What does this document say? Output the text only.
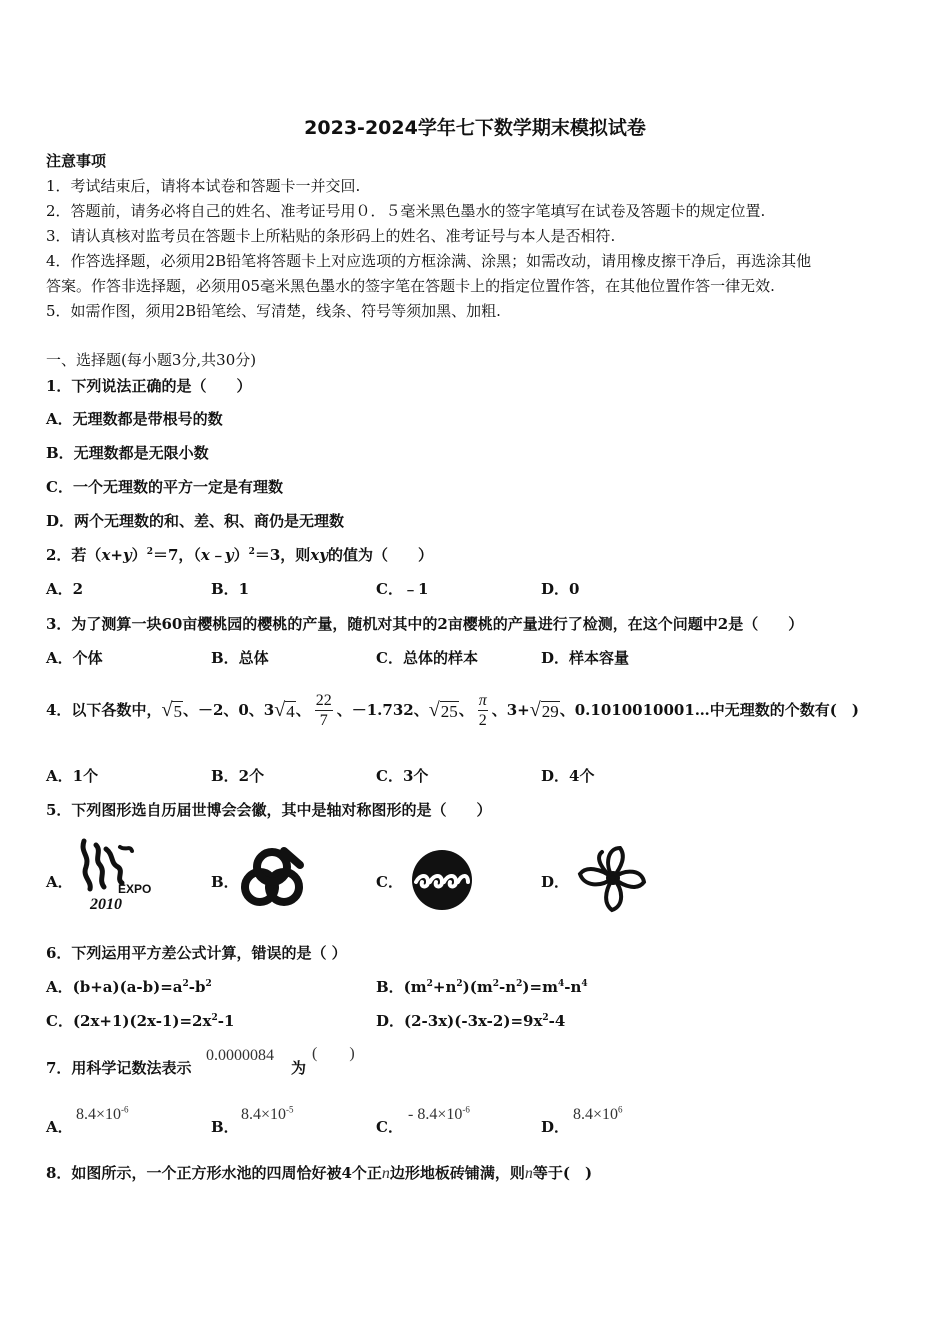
2023-2024学年七下数学期末模拟试卷
注意事项
1．考试结束后，请将本试卷和答题卡一并交回.
2．答题前，请务必将自己的姓名、准考证号用０．５毫米黑色墨水的签字笔填写在试卷及答题卡的规定位置.
3．请认真核对监考员在答题卡上所粘贴的条形码上的姓名、准考证号与本人是否相符.
4．作答选择题，必须用2B铅笔将答题卡上对应选项的方框涂满、涂黑；如需改动，请用橡皮擦干净后，再选涂其他
答案。作答非选择题，必须用05毫米黑色墨水的签字笔在答题卡上的指定位置作答，在其他位置作答一律无效.
5．如需作图，须用2B铅笔绘、写清楚，线条、符号等须加黑、加粗.
一、选择题(每小题3分,共30分)
1．下列说法正确的是（　　）
A．无理数都是带根号的数
B．无理数都是无限小数
C．一个无理数的平方一定是有理数
D．两个无理数的和、差、积、商仍是无理数
2．若$(x+y)^2=7$，（x﹣y）$^2$＝3，则xy的值为（　　）
A．2	B．1	C．﹣1	D．0
3．为了测算一块60亩樱桃园的樱桃的产量，随机对其中的2亩樱桃的产量进行了检测，在这个问题中2是（　　）
A．个体	B．总体	C．总体的样本	D．样本容量
4．以下各数中， √ 5 、－2、0、3 √ 4 、 $\frac{22}{7}$ 、－1.732、 √ 25 、 $\frac{\pi}{2}$ 、3+ √ 29 、0.1010010001…中无理数的个数有(　)
A．1个	B．2个	C．3个	D．4个
5．下列图形选自历届世博会会徽，其中是轴对称图形的是（　　）
A．	B．	C．	D．
EXPO
2010
6．下列运用平方差公式计算，错误的是（ ）
A．$(b+a)(a-b)=a^2-b^2$	B．$(m^2+n^2)(m^2-n^2)=m^4-n^4$
C．$(2x+1)(2x-1)=2x^2-1$	D．$(2-3x)(-3x-2)=9x^2-4$
7．用科学记数法表示
0.0000084
为
(　　)
A．
$8.4\times 10^{-6}$
B．
$8.4\times 10^{-5}$
C．
- $8.4\times 10^{-6}$
D．
$8.4\times 10^6$
8．如图所示，一个正方形水池的四周恰好被4个正n边形地板砖铺满，则n等于(　)
